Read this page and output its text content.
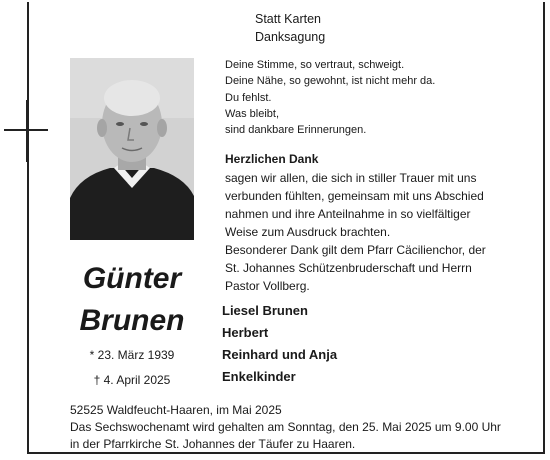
Statt Karten
Danksagung
Deine Stimme, so vertraut, schweigt.
Deine Nähe, so gewohnt, ist nicht mehr da.
Du fehlst.
Was bleibt,
sind dankbare Erinnerungen.
Herzlichen Dank
sagen wir allen, die sich in stiller Trauer mit uns
verbunden fühlten, gemeinsam mit uns Abschied
nahmen und ihre Anteilnahme in so vielfältiger
Weise zum Ausdruck brachten.
Besonderer Dank gilt dem Pfarr Cäcilienchor, der
St. Johannes Schützenbruderschaft und Herrn
Pastor Vollberg.
Günter
Brunen
* 23. März 1939
† 4. April 2025
Liesel Brunen
Herbert
Reinhard und Anja
Enkelkinder
52525 Waldfeucht-Haaren, im Mai 2025
Das Sechswochenamt wird gehalten am Sonntag, den 25. Mai 2025 um 9.00 Uhr
in der Pfarrkirche St. Johannes der Täufer zu Haaren.
